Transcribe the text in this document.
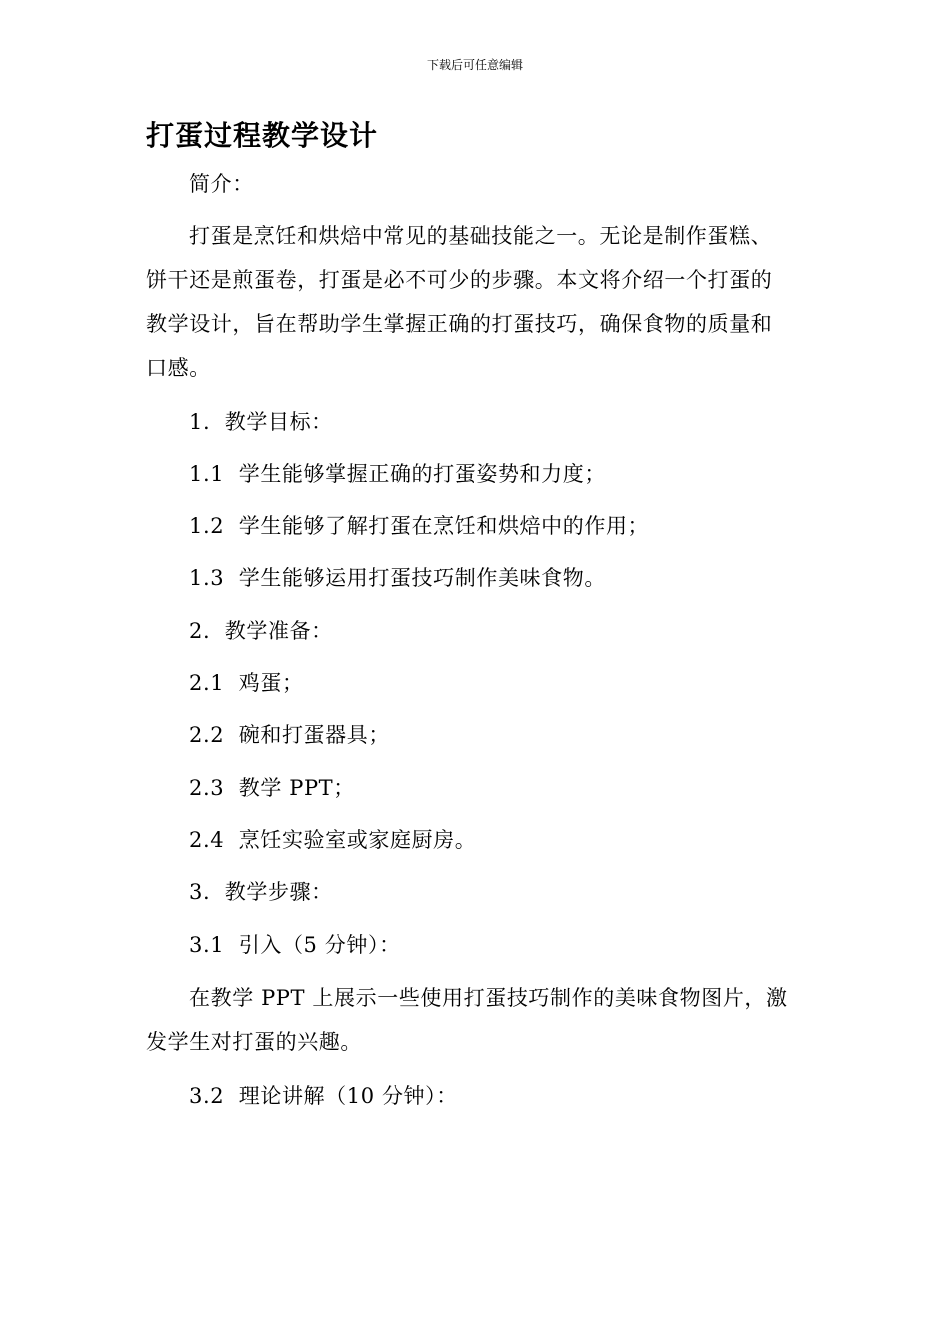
下载后可任意编辑
打蛋过程教学设计

简介：

打蛋是烹饪和烘焙中常见的基础技能之一。无论是制作蛋糕、

饼干还是煎蛋卷，打蛋是必不可少的步骤。本文将介绍一个打蛋的

教学设计，旨在帮助学生掌握正确的打蛋技巧，确保食物的质量和

口感。

1.  教学目标：

1.1  学生能够掌握正确的打蛋姿势和力度；

1.2  学生能够了解打蛋在烹饪和烘焙中的作用；

1.3  学生能够运用打蛋技巧制作美味食物。

2.  教学准备：

2.1  鸡蛋；

2.2  碗和打蛋器具；

2.3  教学 PPT；

2.4  烹饪实验室或家庭厨房。

3.  教学步骤：

3.1  引入（5 分钟）：

在教学 PPT 上展示一些使用打蛋技巧制作的美味食物图片，激

发学生对打蛋的兴趣。

3.2  理论讲解（10 分钟）：
